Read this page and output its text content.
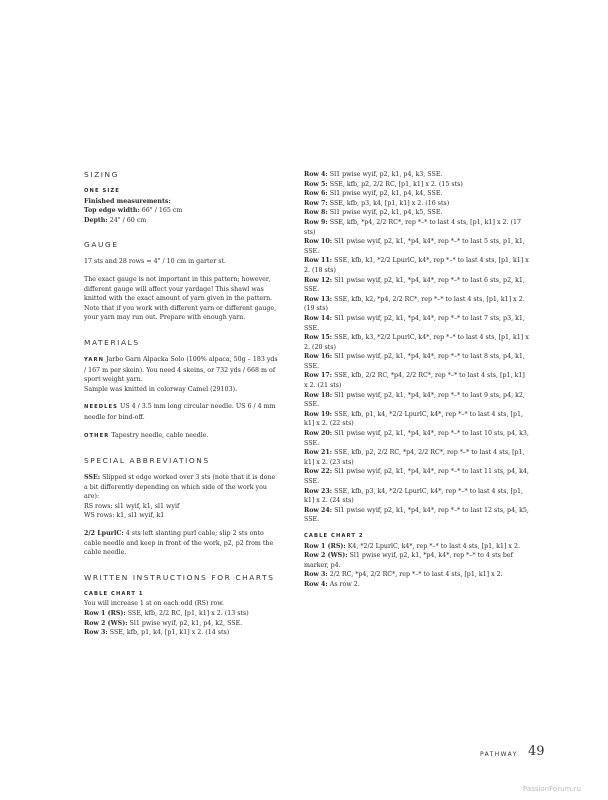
SIZING
ONE SIZE
Finished measurements:
Top edge width: 66" / 165 cm
Depth: 24" / 60 cm
GAUGE
17 sts and 28 rows = 4" / 10 cm in garter st.
The exact gauge is not important in this pattern; however, different gauge will affect your yardage! This shawl was knitted with the exact amount of yarn given in the pattern. Note that if you work with different yarn or different gauge, your yarn may run out. Prepare with enough yarn.
MATERIALS
YARN Jarbo Garn Alpacka Solo (100% alpaca, 50g – 183 yds / 167 m per skein). You need 4 skeins, or 732 yds / 668 m of sport weight yarn.
Sample was knitted in colorway Camel (29103).
NEEDLES US 4 / 3.5 mm long circular needle. US 6 / 4 mm needle for bind-off.
OTHER Tapestry needle, cable needle.
SPECIAL ABBREVIATIONS
SSE: Slipped st edge worked over 3 sts (note that it is done a bit differently depending on which side of the work you are):
RS rows: sl1 wyif, k1, sl1 wyif
WS rows: k1, sl1 wyif, k1
2/2 LpurlC: 4 sts left slanting purl cable; slip 2 sts onto cable needle and keep in front of the work, p2, p2 from the cable needle.
WRITTEN INSTRUCTIONS FOR CHARTS
CABLE CHART 1
You will increase 1 st on each odd (RS) row.
Row 1 (RS): SSE, kfb, 2/2 RC, [p1, k1] x 2. (13 sts)
Row 2 (WS): Sl1 pwise wyif, p2, k1, p4, k2, SSE.
Row 3: SSE, kfb, p1, k4, [p1, k1] x 2. (14 sts)
Row 4: Sl1 pwise wyif, p2, k1, p4, k3, SSE.
Row 5: SSE, kfb, p2, 2/2 RC, [p1, k1] x 2. (15 sts)
Row 6: Sl1 pwise wyif, p2, k1, p4, k4, SSE.
Row 7: SSE, kfb, p3, k4, [p1, k1] x 2. (16 sts)
Row 8: Sl1 pwise wyif, p2, k1, p4, k5, SSE.
Row 9: SSE, kfb, *p4, 2/2 RC*, rep *–* to last 4 sts, [p1, k1] x 2. (17 sts)
Row 10: Sl1 pwise wyif, p2, k1, *p4, k4*, rep *–* to last 5 sts, p1, k1, SSE.
Row 11: SSE, kfb, k1, *2/2 LpurlC, k4*, rep *–* to last 4 sts, [p1, k1] x 2. (18 sts)
Row 12: Sl1 pwise wyif, p2, k1, *p4, k4*, rep *–* to last 6 sts, p2, k1, SSE.
Row 13: SSE, kfb, k2, *p4, 2/2 RC*, rep *–* to last 4 sts, [p1, k1] x 2. (19 sts)
Row 14: Sl1 pwise wyif, p2, k1, *p4, k4*, rep *–* to last 7 sts, p3, k1, SSE.
Row 15: SSE, kfb, k3, *2/2 LpurlC, k4*, rep *–* to last 4 sts, [p1, k1] x 2. (20 sts)
Row 16: Sl1 pwise wyif, p2, k1, *p4, k4*, rep *–* to last 8 sts, p4, k1, SSE.
Row 17: SSE, kfb, 2/2 RC, *p4, 2/2 RC*, rep *–* to last 4 sts, [p1, k1] x 2. (21 sts)
Row 18: Sl1 pwise wyif, p2, k1, *p4, k4*, rep *–* to last 9 sts, p4, k2, SSE.
Row 19: SSE, kfb, p1, k4, *2/2 LpurlC, k4*, rep *–* to last 4 sts, [p1, k1] x 2. (22 sts)
Row 20: Sl1 pwise wyif, p2, k1, *p4, k4*, rep *–* to last 10 sts, p4, k3, SSE.
Row 21: SSE, kfb, p2, 2/2 RC, *p4, 2/2 RC*, rep *–* to last 4 sts, [p1, k1] x 2. (23 sts)
Row 22: Sl1 pwise wyif, p2, k1, *p4, k4*, rep *–* to last 11 sts, p4, k4, SSE.
Row 23: SSE, kfb, p3, k4, *2/2 LpurlC, k4*, rep *–* to last 4 sts, [p1, k1] x 2. (24 sts)
Row 24: Sl1 pwise wyif, p2, k1, *p4, k4*, rep *–* to last 12 sts, p4, k5, SSE.
CABLE CHART 2
Row 1 (RS): K4, *2/2 LpurlC, k4*, rep *–* to last 4 sts, [p1, k1] x 2.
Row 2 (WS): Sl1 pwise wyif, p2, k1, *p4, k4*, rep *–* to 4 sts bef marker, p4.
Row 3: 2/2 RC, *p4, 2/2 RC*, rep *–* to last 4 sts, [p1, k1] x 2.
Row 4: As row 2.
PATHWAY 49
PassionForum.ru
